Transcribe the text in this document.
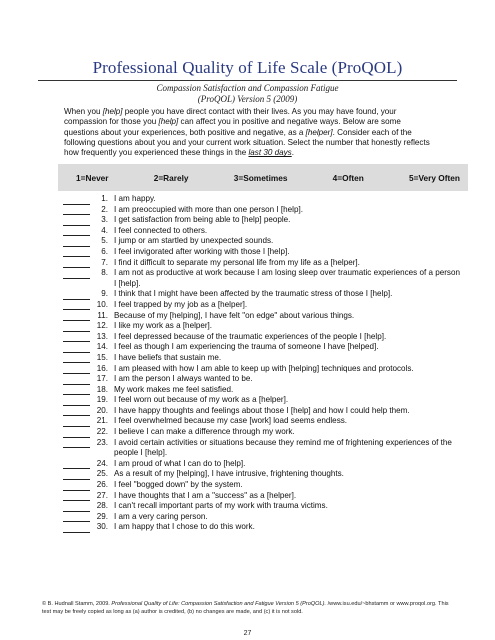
Professional Quality of Life Scale (ProQOL)
Compassion Satisfaction and Compassion Fatigue
(ProQOL) Version 5 (2009)
When you [help] people you have direct contact with their lives. As you may have found, your compassion for those you [help] can affect you in positive and negative ways. Below are some questions about your experiences, both positive and negative, as a [helper]. Consider each of the following questions about you and your current work situation. Select the number that honestly reflects how frequently you experienced these things in the last 30 days.
1=Never	2=Rarely	3=Sometimes	4=Often	5=Very Often
1. I am happy.
2. I am preoccupied with more than one person I [help].
3. I get satisfaction from being able to [help] people.
4. I feel connected to others.
5. I jump or am startled by unexpected sounds.
6. I feel invigorated after working with those I [help].
7. I find it difficult to separate my personal life from my life as a [helper].
8. I am not as productive at work because I am losing sleep over traumatic experiences of a person I [help].
9. I think that I might have been affected by the traumatic stress of those I [help].
10. I feel trapped by my job as a [helper].
11. Because of my [helping], I have felt "on edge" about various things.
12. I like my work as a [helper].
13. I feel depressed because of the traumatic experiences of the people I [help].
14. I feel as though I am experiencing the trauma of someone I have [helped].
15. I have beliefs that sustain me.
16. I am pleased with how I am able to keep up with [helping] techniques and protocols.
17. I am the person I always wanted to be.
18. My work makes me feel satisfied.
19. I feel worn out because of my work as a [helper].
20. I have happy thoughts and feelings about those I [help] and how I could help them.
21. I feel overwhelmed because my case [work] load seems endless.
22. I believe I can make a difference through my work.
23. I avoid certain activities or situations because they remind me of frightening experiences of the people I [help].
24. I am proud of what I can do to [help].
25. As a result of my [helping], I have intrusive, frightening thoughts.
26. I feel "bogged down" by the system.
27. I have thoughts that I am a "success" as a [helper].
28. I can't recall important parts of my work with trauma victims.
29. I am a very caring person.
30. I am happy that I chose to do this work.
© B. Hudnall Stamm, 2009. Professional Quality of Life: Compassion Satisfaction and Fatigue Version 5 (ProQOL). /www.isu.edu/~bhstamm or www.proqol.org. This test may be freely copied as long as (a) author is credited, (b) no changes are made, and (c) it is not sold.
27
